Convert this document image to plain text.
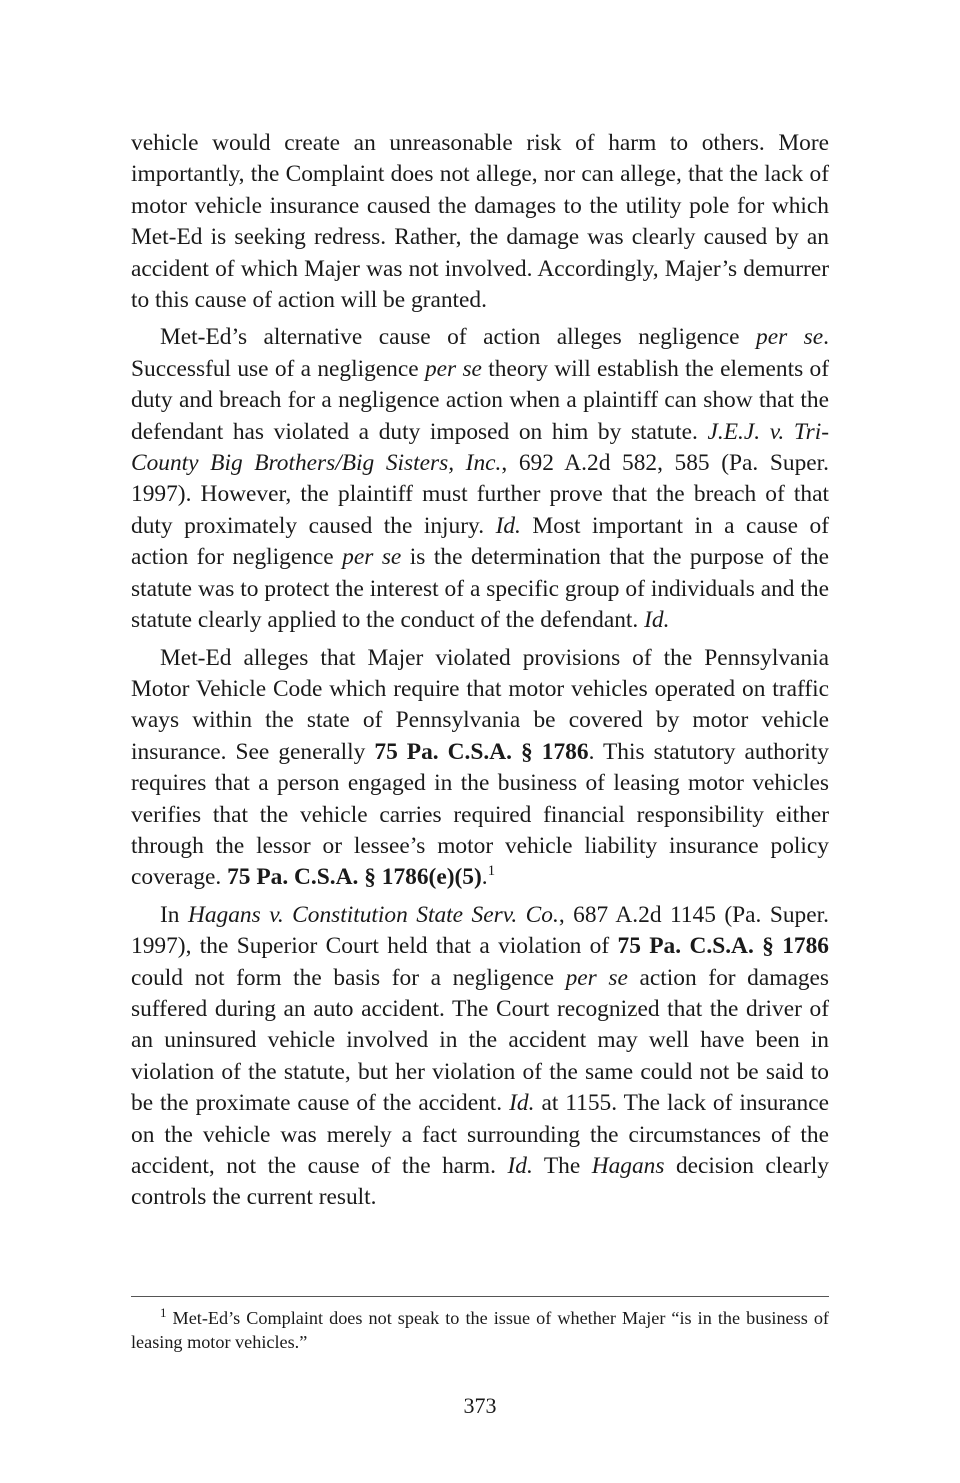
vehicle would create an unreasonable risk of harm to others. More importantly, the Complaint does not allege, nor can allege, that the lack of motor vehicle insurance caused the damages to the utility pole for which Met-Ed is seeking redress. Rather, the damage was clearly caused by an accident of which Majer was not involved. Accordingly, Majer’s demurrer to this cause of action will be granted.

Met-Ed’s alternative cause of action alleges negligence per se. Successful use of a negligence per se theory will establish the elements of duty and breach for a negligence action when a plaintiff can show that the defendant has violated a duty imposed on him by statute. J.E.J. v. Tri-County Big Brothers/Big Sisters, Inc., 692 A.2d 582, 585 (Pa. Super. 1997). However, the plaintiff must further prove that the breach of that duty proximately caused the injury. Id. Most important in a cause of action for negligence per se is the determination that the purpose of the statute was to protect the interest of a specific group of individuals and the statute clearly applied to the conduct of the defendant. Id.

Met-Ed alleges that Majer violated provisions of the Pennsylvania Motor Vehicle Code which require that motor vehicles operated on traffic ways within the state of Pennsylvania be covered by motor vehicle insurance. See generally 75 Pa. C.S.A. § 1786. This statutory authority requires that a person engaged in the business of leasing motor vehicles verifies that the vehicle carries required financial responsibility either through the lessor or lessee’s motor vehicle liability insurance policy coverage. 75 Pa. C.S.A. § 1786(e)(5).$^1$

In Hagans v. Constitution State Serv. Co., 687 A.2d 1145 (Pa. Super. 1997), the Superior Court held that a violation of 75 Pa. C.S.A. § 1786 could not form the basis for a negligence per se action for damages suffered during an auto accident. The Court recognized that the driver of an uninsured vehicle involved in the accident may well have been in violation of the statute, but her violation of the same could not be said to be the proximate cause of the accident. Id. at 1155. The lack of insurance on the vehicle was merely a fact surrounding the circumstances of the accident, not the cause of the harm. Id. The Hagans decision clearly controls the current result.

$^1$ Met-Ed’s Complaint does not speak to the issue of whether Majer “is in the business of leasing motor vehicles.”
373
